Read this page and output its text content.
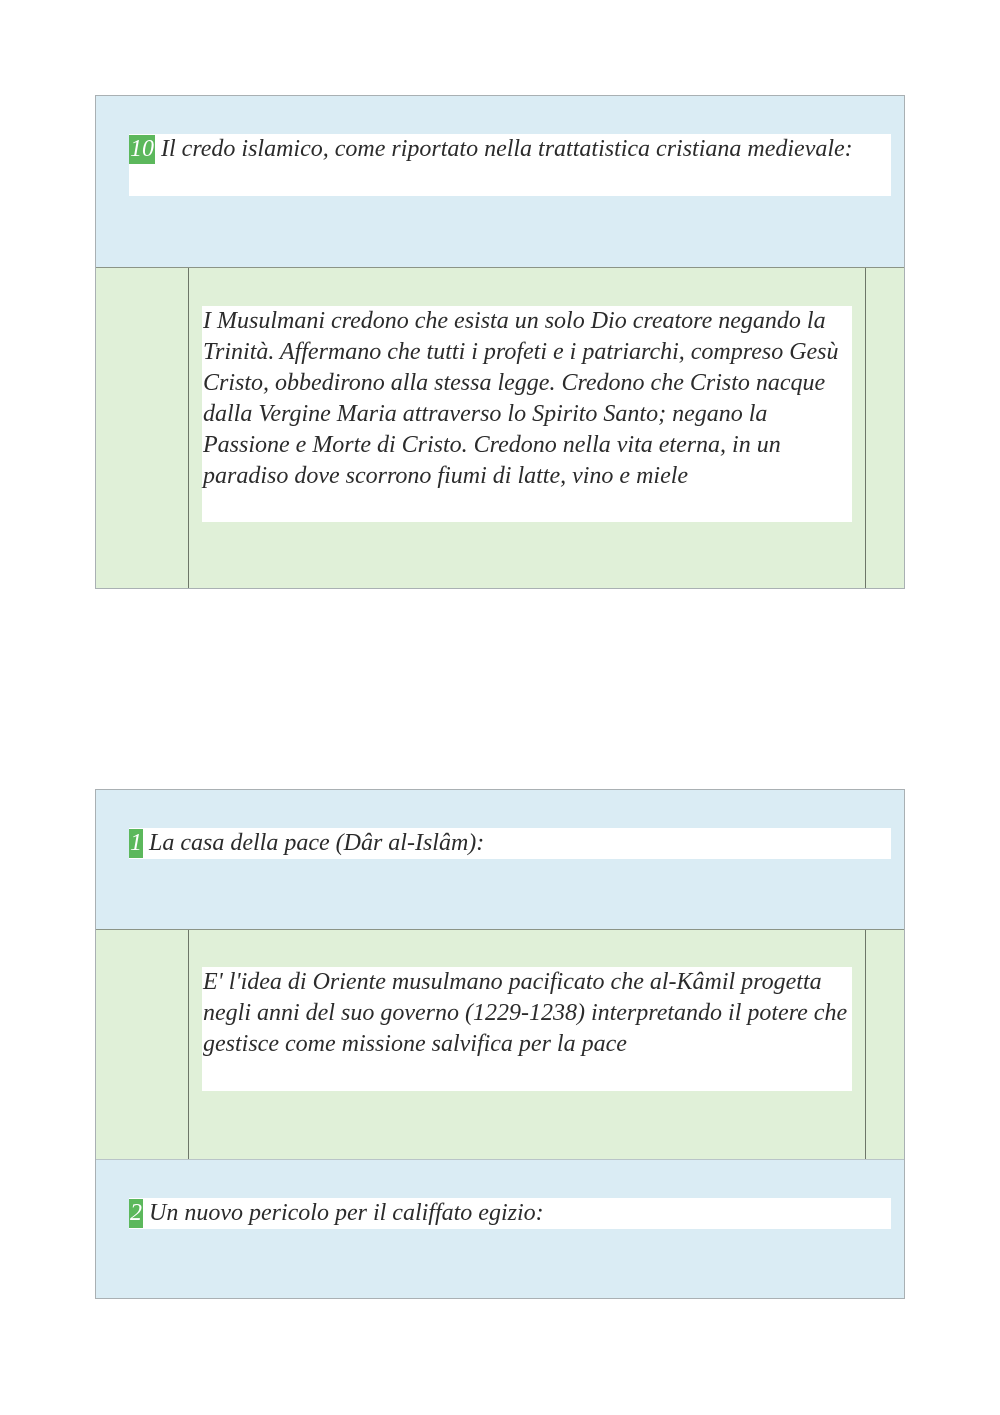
10 Il credo islamico, come riportato nella trattatistica cristiana medievale:
I Musulmani credono che esista un solo Dio creatore negando la Trinità. Affermano che tutti i profeti e i patriarchi, compreso Gesù Cristo, obbedirono alla stessa legge. Credono che Cristo nacque dalla Vergine Maria attraverso lo Spirito Santo; negano la Passione e Morte di Cristo. Credono nella vita eterna, in un paradiso dove scorrono fiumi di latte, vino e miele
1 La casa della pace (Dâr al-Islâm):
E' l'idea di Oriente musulmano pacificato che al-Kâmil progetta negli anni del suo governo (1229-1238) interpretando il potere che gestisce come missione salvifica per la pace
2 Un nuovo pericolo per il califfato egizio:
